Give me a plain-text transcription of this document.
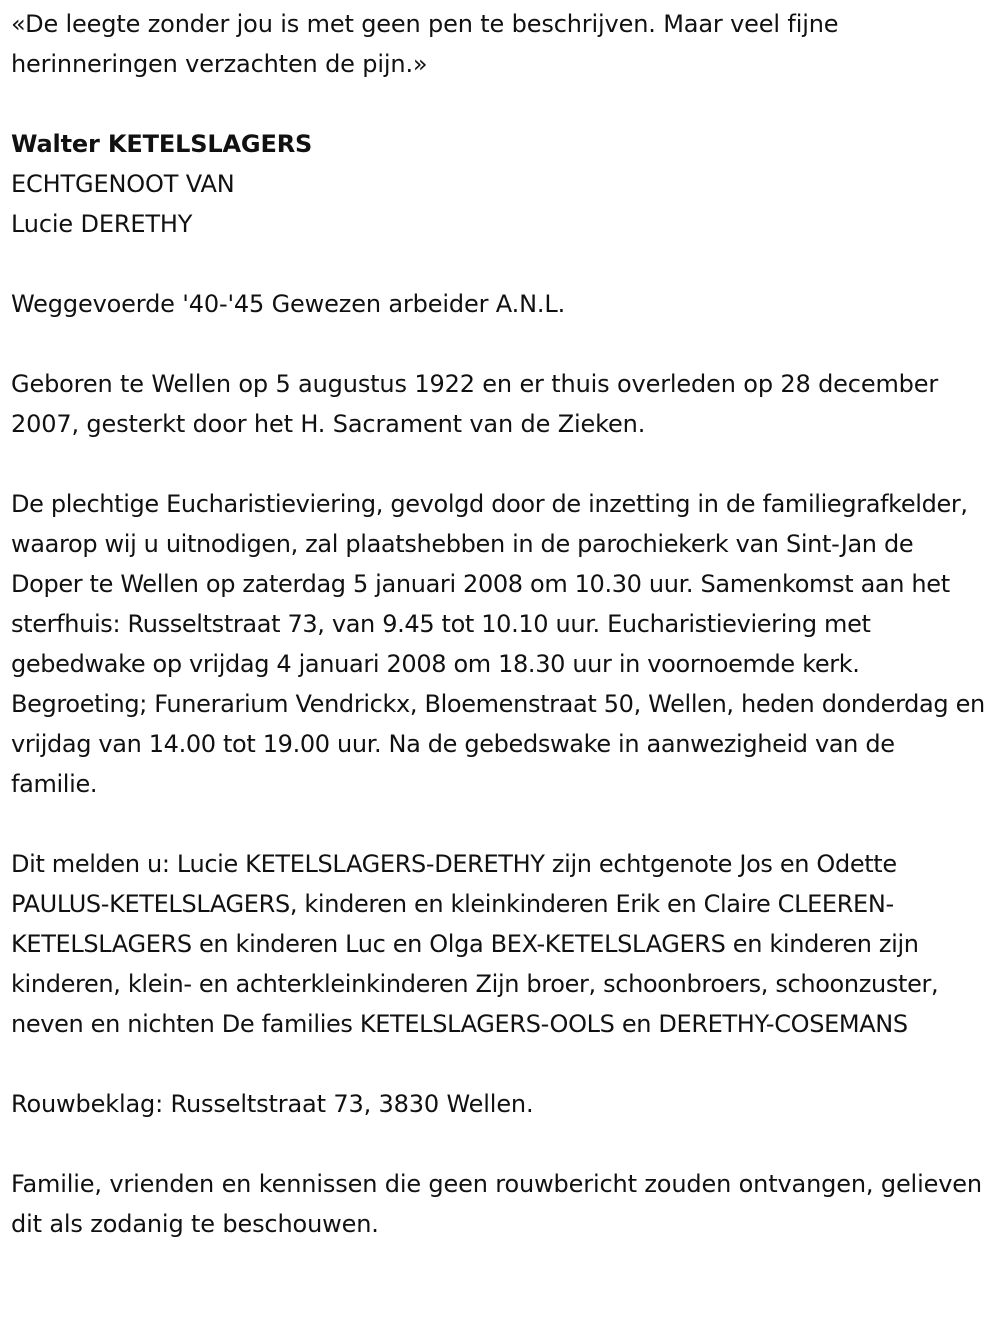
«De leegte zonder jou is met geen pen te beschrijven. Maar veel fijne herinneringen verzachten de pijn.»

Walter KETELSLAGERS

ECHTGENOOT VAN

Lucie DERETHY

Weggevoerde '40-'45 Gewezen arbeider A.N.L.

Geboren te Wellen op 5 augustus 1922 en er thuis overleden op 28 december 2007, gesterkt door het H. Sacrament van de Zieken.

De plechtige Eucharistieviering, gevolgd door de inzetting in de familiegrafkelder, waarop wij u uitnodigen, zal plaatshebben in de parochiekerk van Sint-Jan de Doper te Wellen op zaterdag 5 januari 2008 om 10.30 uur. Samenkomst aan het sterfhuis: Russeltstraat 73, van 9.45 tot 10.10 uur. Eucharistieviering met gebedwake op vrijdag 4 januari 2008 om 18.30 uur in voornoemde kerk. Begroeting; Funerarium Vendrickx, Bloemenstraat 50, Wellen, heden donderdag en vrijdag van 14.00 tot 19.00 uur. Na de gebedswake in aanwezigheid van de familie.

Dit melden u: Lucie KETELSLAGERS-DERETHY zijn echtgenote Jos en Odette PAULUS-KETELSLAGERS, kinderen en kleinkinderen Erik en Claire CLEEREN-KETELSLAGERS en kinderen Luc en Olga BEX-KETELSLAGERS en kinderen zijn kinderen, klein- en achterkleinkinderen Zijn broer, schoonbroers, schoonzuster, neven en nichten De families KETELSLAGERS-OOLS en DERETHY-COSEMANS

Rouwbeklag: Russeltstraat 73, 3830 Wellen.

Familie, vrienden en kennissen die geen rouwbericht zouden ontvangen, gelieven dit als zodanig te beschouwen.
